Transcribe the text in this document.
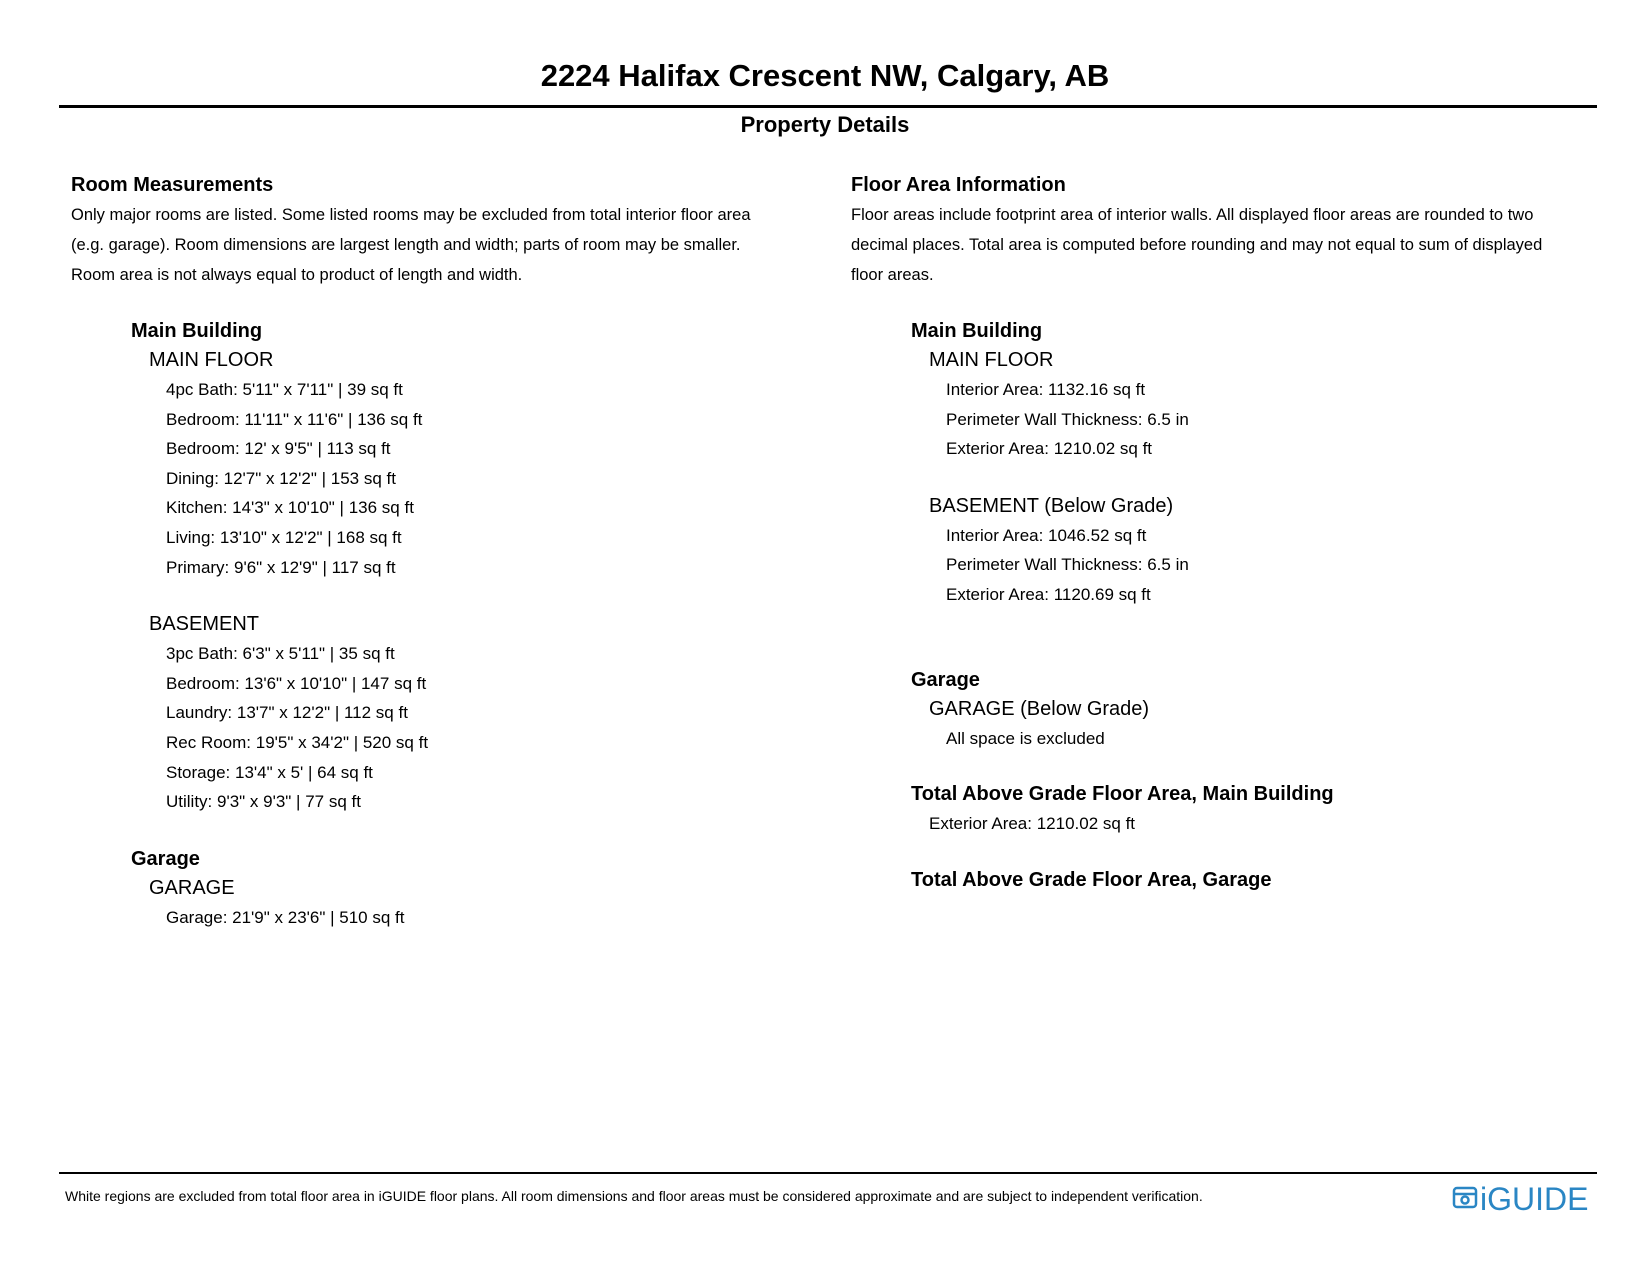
2224 Halifax Crescent NW, Calgary, AB
Property Details
Room Measurements
Only major rooms are listed. Some listed rooms may be excluded from total interior floor area
(e.g. garage). Room dimensions are largest length and width; parts of room may be smaller.
Room area is not always equal to product of length and width.
Main Building
MAIN FLOOR
4pc Bath: 5'11" x 7'11" | 39 sq ft
Bedroom: 11'11" x 11'6" | 136 sq ft
Bedroom: 12' x 9'5" | 113 sq ft
Dining: 12'7" x 12'2" | 153 sq ft
Kitchen: 14'3" x 10'10" | 136 sq ft
Living: 13'10" x 12'2" | 168 sq ft
Primary: 9'6" x 12'9" | 117 sq ft
BASEMENT
3pc Bath: 6'3" x 5'11" | 35 sq ft
Bedroom: 13'6" x 10'10" | 147 sq ft
Laundry: 13'7" x 12'2" | 112 sq ft
Rec Room: 19'5" x 34'2" | 520 sq ft
Storage: 13'4" x 5' | 64 sq ft
Utility: 9'3" x 9'3" | 77 sq ft
Garage
GARAGE
Garage: 21'9" x 23'6" | 510 sq ft
Floor Area Information
Floor areas include footprint area of interior walls. All displayed floor areas are rounded to two
decimal places. Total area is computed before rounding and may not equal to sum of displayed
floor areas.
Main Building
MAIN FLOOR
Interior Area: 1132.16 sq ft
Perimeter Wall Thickness: 6.5 in
Exterior Area: 1210.02 sq ft
BASEMENT (Below Grade)
Interior Area: 1046.52 sq ft
Perimeter Wall Thickness: 6.5 in
Exterior Area: 1120.69 sq ft
Garage
GARAGE (Below Grade)
All space is excluded
Total Above Grade Floor Area, Main Building
Exterior Area: 1210.02 sq ft
Total Above Grade Floor Area, Garage
White regions are excluded from total floor area in iGUIDE floor plans. All room dimensions and floor areas must be considered approximate and are subject to independent verification.	iGUIDE
